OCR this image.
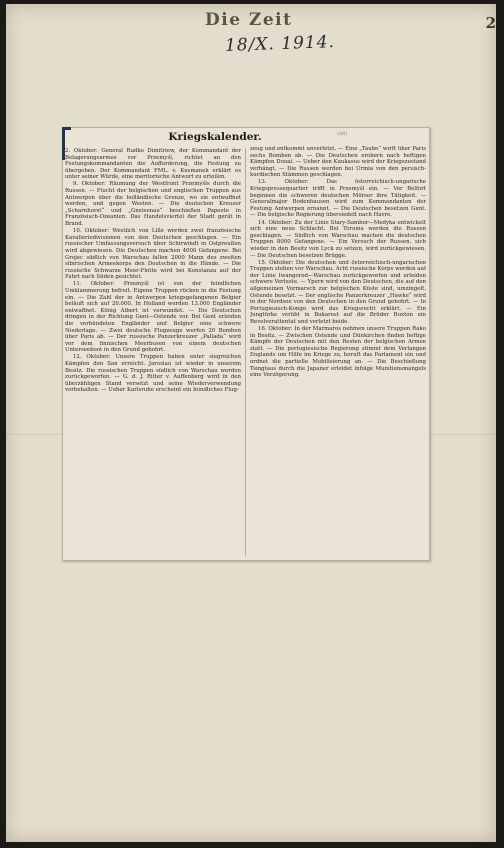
Die Zeit	2
18/X. 1914.
Kriegskalender.	(88)

2. Oktober: General Radko Dimitriew, der Kommandant der Belagerungsarmee vor Przemyśl, richtet an den Festungskommandanten die Aufforderung, die Festung zu übergeben. Der Kommandant FML. v. Kusmanek erklärt es unter seiner Würde, eine meritorische Antwort zu erteilen.

9. Oktober: Räumung der Westfront Przemyśls durch die Russen. — Flucht der belgischen und englischen Truppen aus Antwerpen über die holländische Grenze, wo sie entwaffnet werden, und gegen Westen. — Die deutschen Kreuzer „Scharnhorst“ und „Gneisenau“ beschießen Papeete in Französisch-Ozeanien. Das Handelsviertel der Stadt gerät in Brand.

10. Oktober: Westlich von Lille werden zwei französische Kavalleriedivisionen von den Deutschen geschlagen. — Ein russischer Umfassungsversuch über Schirwindt in Ostpreußen wird abgewiesen. Die Deutschen machen 4000 Gefangene. Bei Grojec südlich von Warschau fallen 2000 Mann des zweiten sibirischen Armeekorps den Deutschen in die Hände. — Die russische Schwarze Meer-Flotte wird bei Konstanza auf der Fahrt nach Süden gesichtet.

11. Oktober: Przemyśl ist von der feindlichen Umklammerung befreit. Eigene Truppen rücken in die Festung ein. — Die Zahl der in Antwerpen kriegsgefangenen Belgier beläuft sich auf 20.000. In Holland werden 13.000 Engländer entwaffnet. König Albert ist verwundet. — Die Deutschen dringen in der Richtung Gent—Ostende vor. Bei Gent erleiden die verbündeten Engländer und Belgier eine schwere Niederlage. — Zwei deutsche Flugzeuge werfen 20 Bomben über Paris ab. — Der russische Panzerkreuzer „Pallada“ wird vor dem finnischen Meerbusen von einem deutschen Unterseeboot in den Grund gebohrt.

12. Oktober: Unsere Truppen haben unter siegreichen Kämpfen den San erreicht. Jaroslau ist wieder in unserem Besitz. Die russischen Truppen südlich von Warschau werden zurückgeworfen. — G. d. J. Ritter v. Auffenberg wird in den überzähligen Stand versetzt und seine Wiederverwendung vorbehalten. — Ueber Karlsruhe erscheint ein feindliches Flug-

zeug und entkommt unverletzt. — Eine „Taube“ wirft über Paris sechs Bomben ab. — Die Deutschen erobern nach heftigen Kämpfen Douai. — Ueber den Kaukasus wird der Kriegszustand verhängt. — Die Russen werden bei Urmia von den persisch-kurdischen Stämmen geschlagen.

13. Oktober: Das österreichisch-ungarische Kriegspressequartier trifft in Przemyśl ein. — Vor Belfort beginnen die schweren deutschen Mörser ihre Tätigkeit. — Generalmajor Bodenhausen wird zum Kommandanten der Festung Antwerpen ernannt. — Die Deutschen besetzen Gent. — Die belgische Regierung übersiedelt nach Havre.

14. Oktober: Zu der Linie Stary-Sambor—Medyka entwickelt sich eine neue Schlacht. Bei Toroma werden die Russen geschlagen. — Südlich von Warschau machen die deutschen Truppen 8000 Gefangene. — Ein Versuch der Russen, sich wieder in den Besitz von Lyck zu setzen, wird zurückgewiesen. — Die Deutschen besetzen Brügge.

15. Oktober: Die deutschen und österreichisch-ungarischen Truppen stehen vor Warschau. Acht russische Korps werden auf der Linie Iwangorod—Warschau zurückgeworfen und erleiden schwere Verluste. — Ypern wird von den Deutschen, die auf den allgemeinen Vormarsch zur belgischen Küste sind, umzingelt. Ostende besetzt. — Der englische Panzerkreuzer „Hawke“ wird in der Nordsee von den Deutschen in den Grund gebohrt. — In Portugiesisch-Kongo wird das Kriegsrecht erklärt. — Ein Jungtürke verübt in Bukarest auf die Brüder Buxton ein Revolverattentat und verletzt beide.

16. Oktober: In der Marmaros nehmen unsere Truppen Rako in Besitz. — Zwischen Ostende und Dünkirchen finden heftige Kämpfe der Deutschen mit den Resten der belgischen Armee statt. — Die portugiesische Regierung stimmt dem Verlangen Englands um Hilfe im Kriege zu, beruft das Parlament ein und ordnet die partielle Mobilisierung an. — Die Beschießung Tsingtaus durch die Japaner erleidet infolge Munitionsmangels eine Verzögerung.
